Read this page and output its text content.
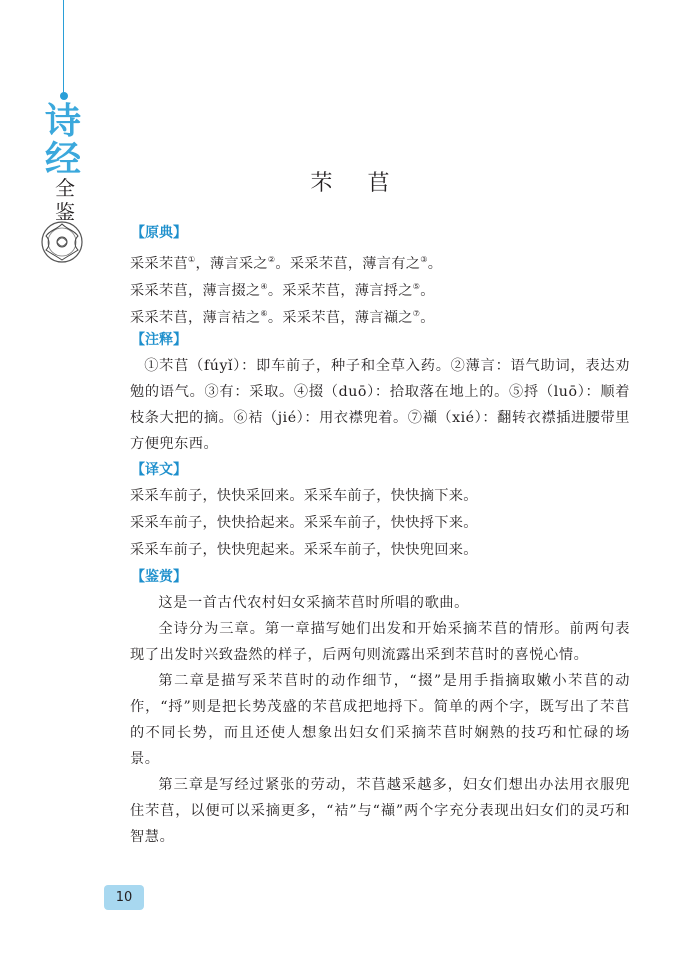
诗
经
全
鉴
芣 苢
【原典】
采采芣苢①，薄言采之②。采采芣苢，薄言有之③。
采采芣苢，薄言掇之④。采采芣苢，薄言捋之⑤。
采采芣苢，薄言袺之⑥。采采芣苢，薄言襭之⑦。
【注释】

①芣苢（fúyǐ）：即车前子，种子和全草入药。②薄言：语气助词，表达劝勉的语气。③有：采取。④掇（duō）：拾取落在地上的。⑤捋（luō）：顺着枝条大把的摘。⑥袺（jié）：用衣襟兜着。⑦襭（xié）：翻转衣襟插进腰带里方便兜东西。

【译文】
采采车前子，快快采回来。采采车前子，快快摘下来。
采采车前子，快快拾起来。采采车前子，快快捋下来。
采采车前子，快快兜起来。采采车前子，快快兜回来。
【鉴赏】

这是一首古代农村妇女采摘芣苢时所唱的歌曲。

全诗分为三章。第一章描写她们出发和开始采摘芣苢的情形。前两句表现了出发时兴致盎然的样子，后两句则流露出采到芣苢时的喜悦心情。

第二章是描写采芣苢时的动作细节，“掇”是用手指摘取嫩小芣苢的动作，“捋”则是把长势茂盛的芣苢成把地捋下。简单的两个字，既写出了芣苢的不同长势，而且还使人想象出妇女们采摘芣苢时娴熟的技巧和忙碌的场景。

第三章是写经过紧张的劳动，芣苢越采越多，妇女们想出办法用衣服兜住芣苢，以便可以采摘更多，“袺”与“襭”两个字充分表现出妇女们的灵巧和智慧。

10
